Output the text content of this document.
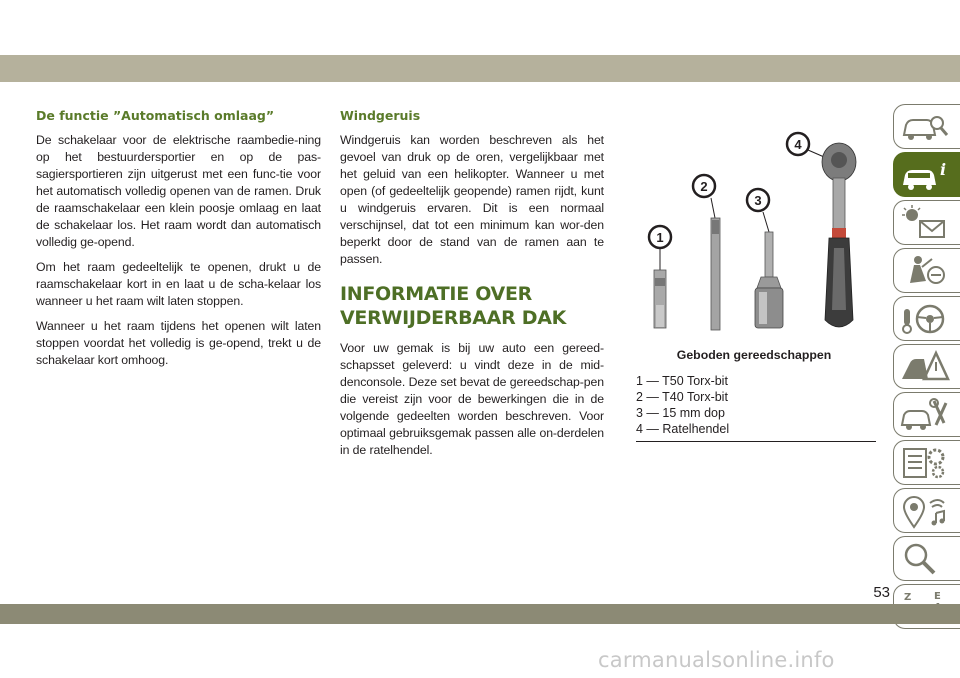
De functie ”Automatisch omlaag”

De schakelaar voor de elektrische raambedie-ning op het bestuurdersportier en op de pas-sagiersportieren zijn uitgerust met een func-tie voor het automatisch volledig openen van de ramen. Druk de raamschakelaar een klein poosje omlaag en laat de schakelaar los. Het raam wordt dan automatisch volledig ge-opend.

Om het raam gedeeltelijk te openen, drukt u de raamschakelaar kort in en laat u de scha-kelaar los wanneer u het raam wilt laten stoppen.

Wanneer u het raam tijdens het openen wilt laten stoppen voordat het volledig is ge-opend, trekt u de schakelaar kort omhoog.

Windgeruis

Windgeruis kan worden beschreven als het gevoel van druk op de oren, vergelijkbaar met het geluid van een helikopter. Wanneer u met open (of gedeeltelijk geopende) ramen rijdt, kunt u windgeruis ervaren. Dit is een normaal verschijnsel, dat tot een minimum kan wor-den beperkt door de stand van de ramen aan te passen.

INFORMATIE OVER
VERWIJDERBAAR DAK

Voor uw gemak is bij uw auto een gereed-schapsset geleverd: u vindt deze in de mid-denconsole. Deze set bevat de gereedschap-pen die vereist zijn voor de bewerkingen die in de volgende gedeelten worden beschreven. Voor optimaal gebruiksgemak passen alle on-derdelen in de ratelhendel.

1
2
3
4
Geboden gereedschappen
1 — T50 Torx-bit
2 — T40 Torx-bit
3 — 15 mm dop
4 — Ratelhendel
i
Z E
53
carmanualsonline.info
